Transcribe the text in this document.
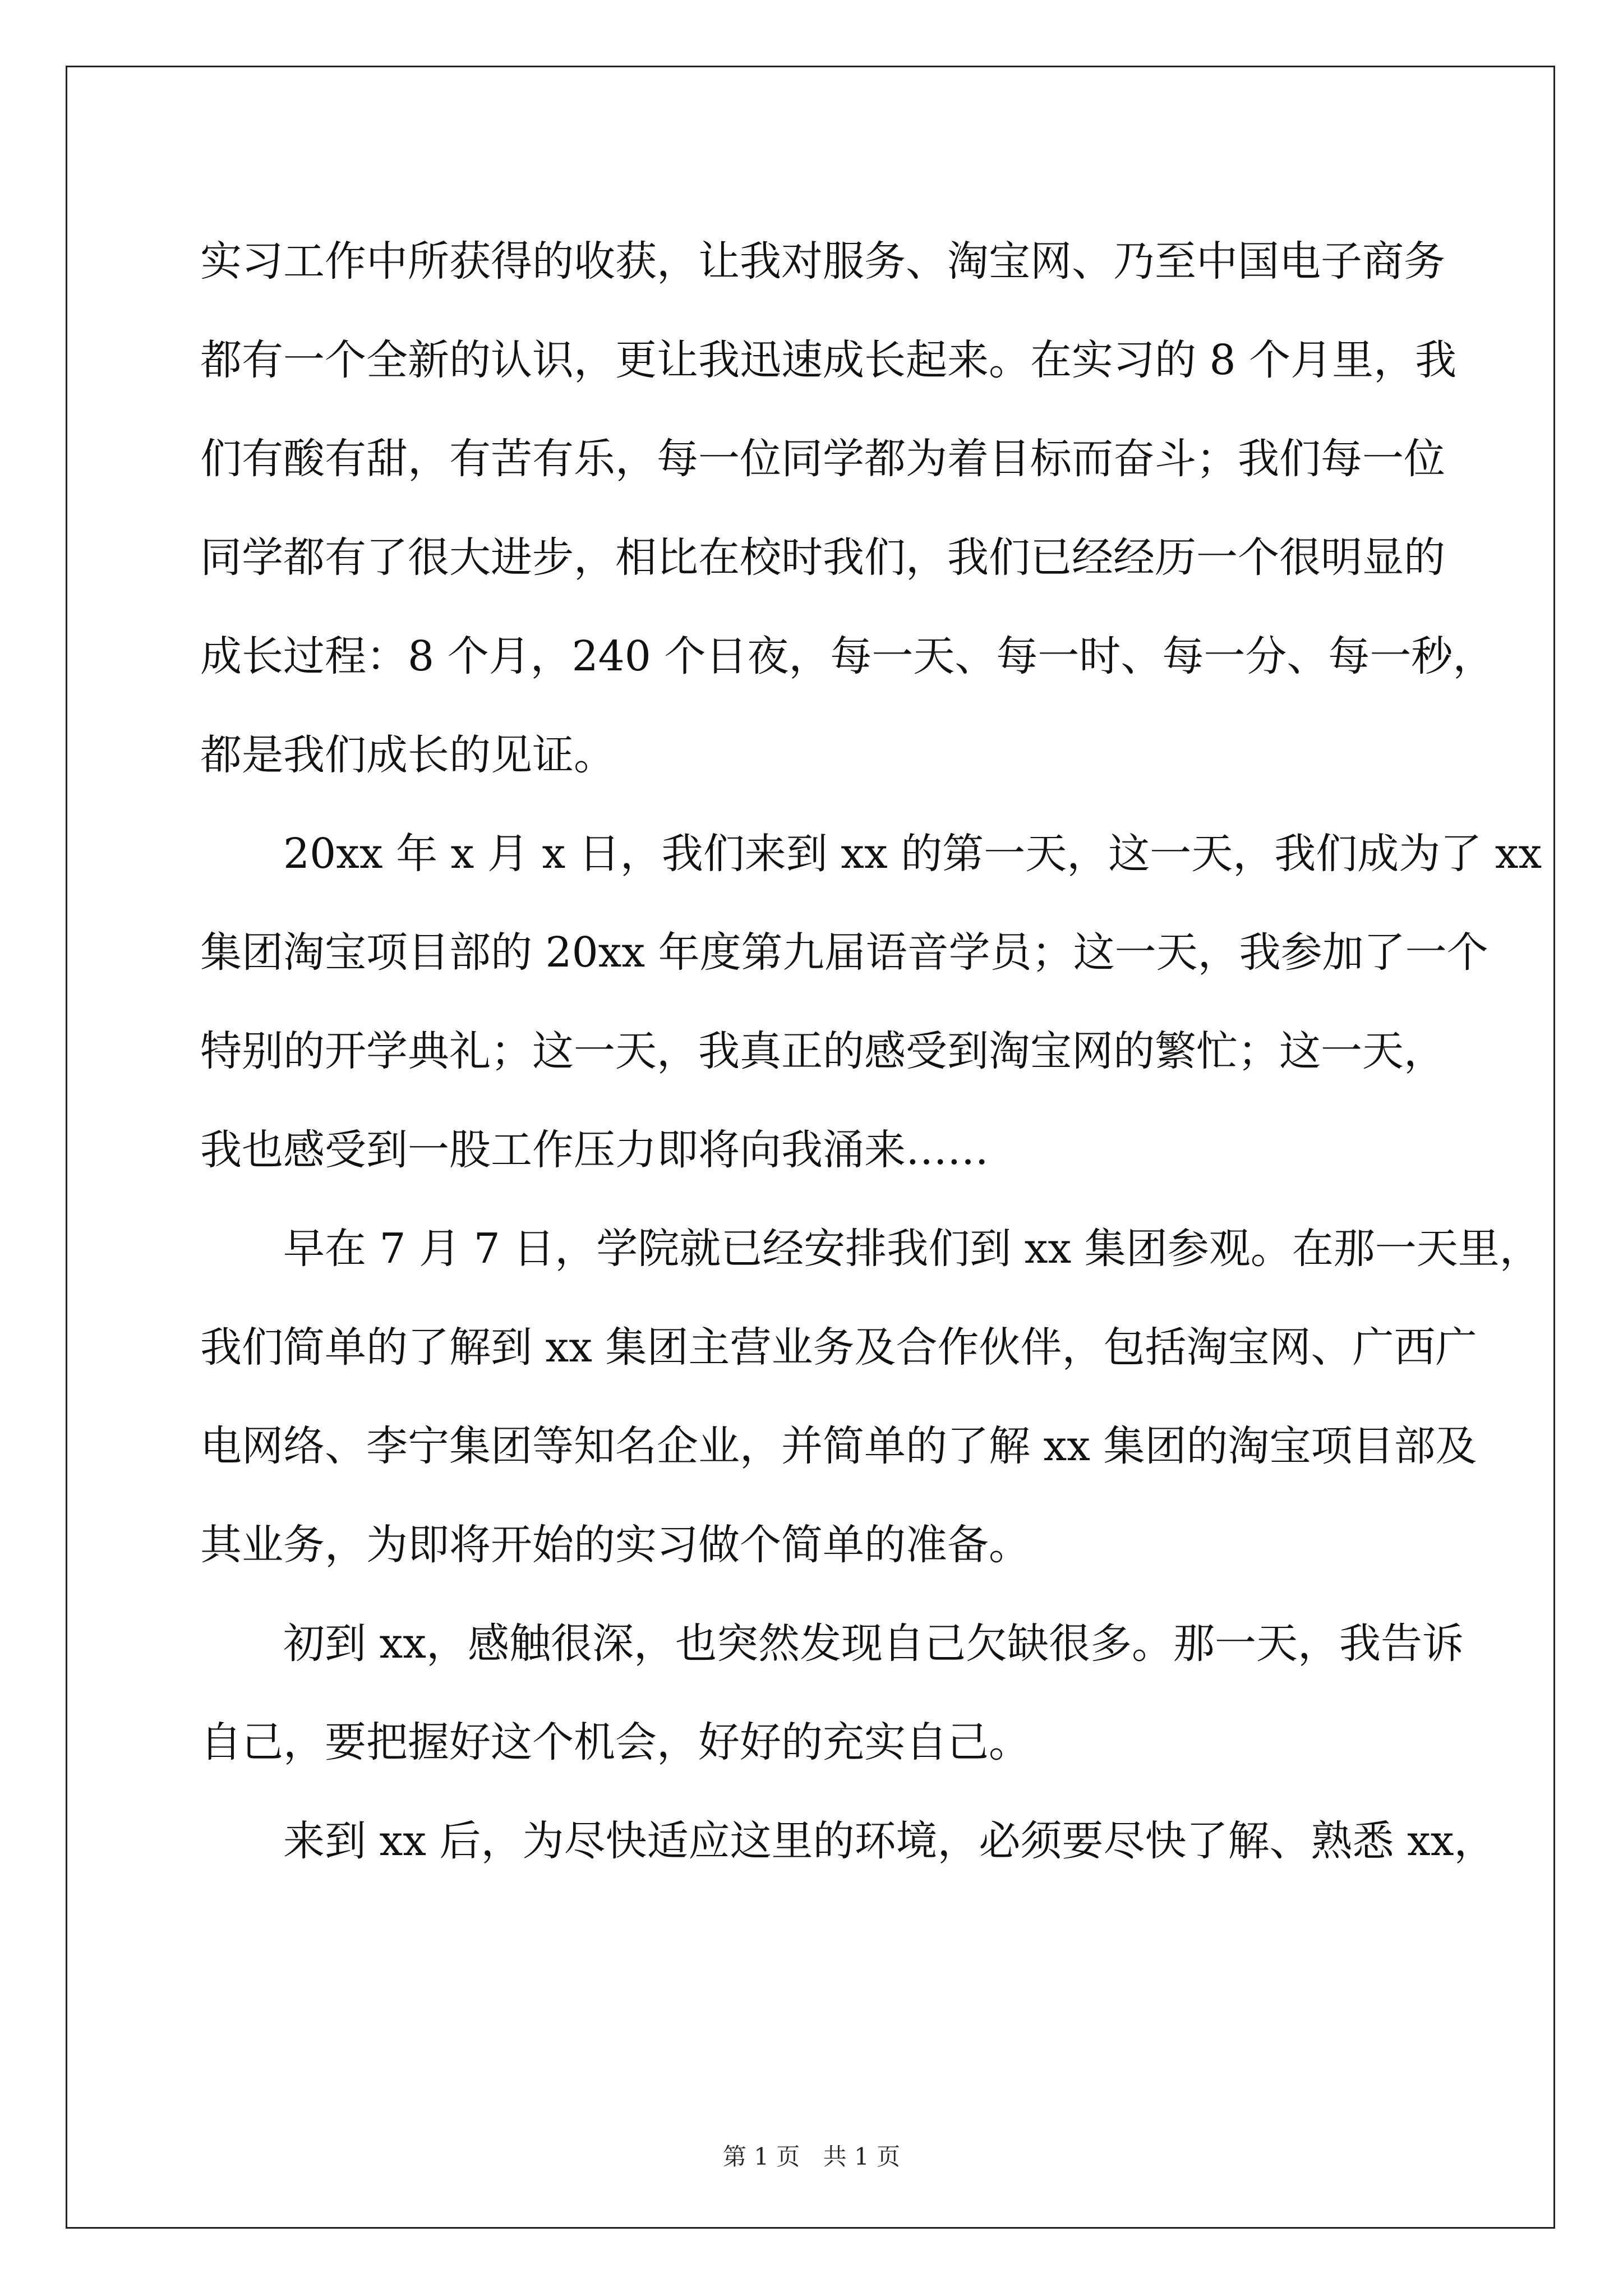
实习工作中所获得的收获，让我对服务、淘宝网、乃至中国电子商务
都有一个全新的认识，更让我迅速成长起来。在实习的 8 个月里，我
们有酸有甜，有苦有乐，每一位同学都为着目标而奋斗；我们每一位
同学都有了很大进步，相比在校时我们，我们已经经历一个很明显的
成长过程：8 个月，240 个日夜，每一天、每一时、每一分、每一秒，
都是我们成长的见证。
20xx 年 x 月 x 日，我们来到 xx 的第一天，这一天，我们成为了 xx
集团淘宝项目部的 20xx 年度第九届语音学员；这一天，我参加了一个
特别的开学典礼；这一天，我真正的感受到淘宝网的繁忙；这一天，
我也感受到一股工作压力即将向我涌来……
早在 7 月 7 日，学院就已经安排我们到 xx 集团参观。在那一天里，
我们简单的了解到 xx 集团主营业务及合作伙伴，包括淘宝网、广西广
电网络、李宁集团等知名企业，并简单的了解 xx 集团的淘宝项目部及
其业务，为即将开始的实习做个简单的准备。
初到 xx，感触很深，也突然发现自己欠缺很多。那一天，我告诉
自己，要把握好这个机会，好好的充实自己。
来到 xx 后，为尽快适应这里的环境，必须要尽快了解、熟悉 xx，
第 1 页 共 1 页
